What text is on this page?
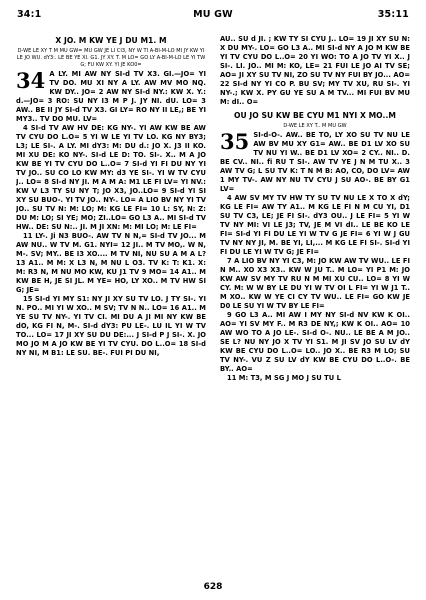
34:1	MU GW	35:11
X JO. M KW YE J DU M1. M
D-WE LE XY T M MU GW= MU GW JE LI CI3, NY W TI A-BI-M-LO MI JY KW YI LE JO WU. dY3:. LE BE YE XI. G1. JY XY. T. M LO= GO LY A-BI-M-LO LE YI TW G; FU KW XY. YI JE KO0=

34 A LY. MI AW NY SI-d TV X3. GI.—JO= YI TV DO. MU XI NY A LY. AW MV MO NQ. KW DY.. JO= 2 AW NY SI-d NY.: KW X. Y.: d.—JO= 3 RO: SU NY I3 M P J. JY NI. dU. LO= 3 AW.. BE II JY SI-d TV X3. GI LY= RO NY II LE,; BE YI MY3.. TV DO MU. LV=

4 SI-d TV AW HV DE: KG NY-. YI AW KW BE AW TV CYU DO L.O= 5 YI W LE YI TV LO. KG NY BY3; L3; LE SI-. A LY. MI dY3: M: DU d.: JO X. J3 II KO. MI XU DE: KO NY-. SI-d LE D: TO. SI-. X.. M A JO KW BE YI TV CYU DO L..O= 7 SI-d YI FI DU NY YI TV JO.. SU CO LO KW MY: d3 YE SI-. YI W TV CYU J.. LO= 8 SI-d NY JI. M A M A: M1 LE FI LV= YI NV.: KW V L3 TY SU NY T; JO X3, JO..LO= 9 SI-d YI SI XY SU BUO-. YI TV JO.. NY-. LO= A LIO BV NY YI TV JO.. SU TV N: M: LO; M: KG LE FI= 10 L: SY, N: Z: DU M: LO; SI YE; MO; ZI..LO= GO L3 A.. MI SI-d TV HW.. DE: SU N:.. JI. M JI XN: M: MI LO; M: LE FI=

11 LY-. Ji N3 BUO-. AW TV N N,= SI-d TV JO... M AW NU.. W TV M. G1. NYI= 12 JI.. M TV MO,. W N, M-. SV; MY.. BE I3 XO.... M TV NI, NU SU A M A L? 13 A1.. M M: X L3 N, M NU L O3. TV K: T: K1. X: M: R3 N, M NU MO KW, KU J1 TV 9 MO= 14 A1.. M KW BE H, JE SI JL. M YE= HO, LY XO.. M TV HW SI G; JE=

15 SI-d YI MY S1: NY JI XY SU TV LO. J TY SI-. YI N. PO.. MI YI W XO.. M SV; TV N N.. LO= 16 A1.. M YE SU TV NY-. YI TV CI. MI DU A JI MI NY KW BE dO, KG FI N, M-. SI-d dY3: PU LE-. LU IL YI W TV TO... LO= 17 JI XY SU DU DE:... J SI-d P J SI-. X. JO MO JO M A JO KW BE YI TV CYU. DO L..O= 18 SI-d NY NI, M B1: LE SU. BE-. FUI PI DU NI,

AU.. SU d JI. ; KW TY SI CYU J.. LO= 19 JI XY SU N: X DU MY-. LO= GO L3 A.. MI SI-d NY A JO M KW BE YI TV CYU DO L..O= 20 YI WO: TO A JO TV YI X.. J SI-. LI. JO.. MI M: KO, LE= 21 FUI LE JO AI TV SE; AO= JI XY SU TV NI, ZO SU TV NY FUI BY JO... AO= 22 SI-d NY YI CO P. BU SV; MY TV XU, RU SI-. YI NY-.; KW X. PY GU YE SU A M TV... MI FUI BV MU M: dI.. O=

OU JO SU KW BE CYU M1 NYI X MO..M
D-WE LE XY T.. M MU GW

35 SI-d-O-. AW.. BE TO, LY XO SU TV NU LE AW BV MU XY G1= AW.. BE D1 LV XO SU TV NU YI W.. BE D1 LV XO= 2 CY.. NI.. D. BE CV.. NI.. fi RU T SI-. AW TV YE J N M TU X.. 3 AW TV G; L SU TV K: T N M B: AO, CO, DO LV= AW 1 MY TV-. AW NY NU TV CYU J SU AO-. BE BY G1 LV=

4 AW SV MY TV HW TY SU TV NU LE X TO X dY; KG LE FI= AW TY A1.. M KG LE FI N M CU YI, D1 SU TV C3, LE; JE FI SI-. dY3 OU.. J LE FI= 5 YI W TV NY MI: VI LE J3; TV, JE M VI dI.. LE BE KO LE FI= SI-d YI FI DU LE YI W TV G JE FI= 6 YI W J GU TV NY NY JI, M. BE YI, LI,... M KG LE FI SI-. SI-d YI FI DU LE YI W TV G; JE FI=

7 A LIO BV NY YI C3, M: JO KW AW TV WU.. LE FI N M.. XO X3 X3.. KW W JU T.. M LO= YI P1 M: JO KW AW SV MY TV RU N M MI XU CU.. LO= 8 YI W CY. M: W W BY LE DU YI W TV OI L FI= YI W J1 T.. M XO.. KW W YE CI CY TV WU.. LE FI= GO KW JE D0 LE SU YI W TV BY LE FI=

9 GO L3 A.. MI AW I MY NY SI-d NV KW K OI.. AO= YI SV MY F.. M R3 DE NY,; KW K OI.. AO= 10 AW WO TO A JO LE-. SI-d O-. NU.. LE BE A M JO.. SE L? NU NY JO X TV YI S1. M JI SV JO SU LV dY KW BE CYU DO L..O= LO.. JO X.. BE R3 M LO; SU TV NY-. VU Z SU LV dY KW BE CYU DO L..O-. BE BY.. AO=

11 M: T3, M SG J MO J SU TU L

628
